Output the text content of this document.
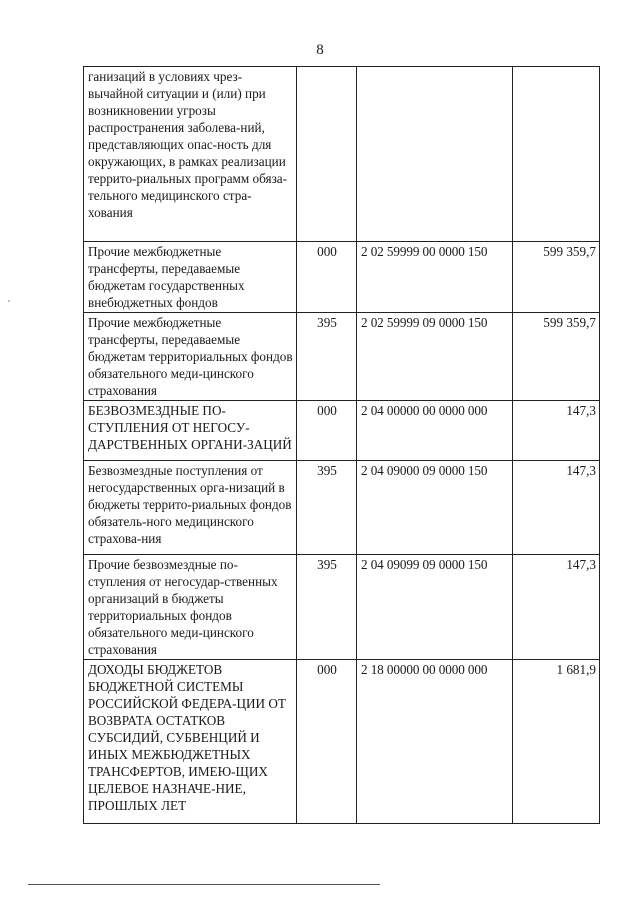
8
ганизаций в условиях чрез-вычайной ситуации и (или) при возникновении угрозы распространения заболева-ний, представляющих опас-ность для окружающих, в рамках реализации террито-риальных программ обяза-тельного медицинского стра-хования			
Прочие межбюджетные трансферты, передаваемые бюджетам государственных внебюджетных фондов	000	2 02 59999 00 0000 150	599 359,7
Прочие межбюджетные трансферты, передаваемые бюджетам территориальных фондов обязательного меди-цинского страхования	395	2 02 59999 09 0000 150	599 359,7
БЕЗВОЗМЕЗДНЫЕ ПО-СТУПЛЕНИЯ ОТ НЕГОСУ-ДАРСТВЕННЫХ ОРГАНИ-ЗАЦИЙ	000	2 04 00000 00 0000 000	147,3
Безвозмездные поступления от негосударственных орга-низаций в бюджеты террито-риальных фондов обязатель-ного медицинского страхова-ния	395	2 04 09000 09 0000 150	147,3
Прочие безвозмездные по-ступления от негосудар-ственных организаций в бюджеты территориальных фондов обязательного меди-цинского страхования	395	2 04 09099 09 0000 150	147,3
ДОХОДЫ БЮДЖЕТОВ БЮДЖЕТНОЙ СИСТЕМЫ РОССИЙСКОЙ ФЕДЕРА-ЦИИ ОТ ВОЗВРАТА ОСТАТКОВ СУБСИДИЙ, СУБВЕНЦИЙ И ИНЫХ МЕЖБЮДЖЕТНЫХ ТРАНСФЕРТОВ, ИМЕЮ-ЩИХ ЦЕЛЕВОЕ НАЗНАЧЕ-НИЕ, ПРОШЛЫХ ЛЕТ	000	2 18 00000 00 0000 000	1 681,9
